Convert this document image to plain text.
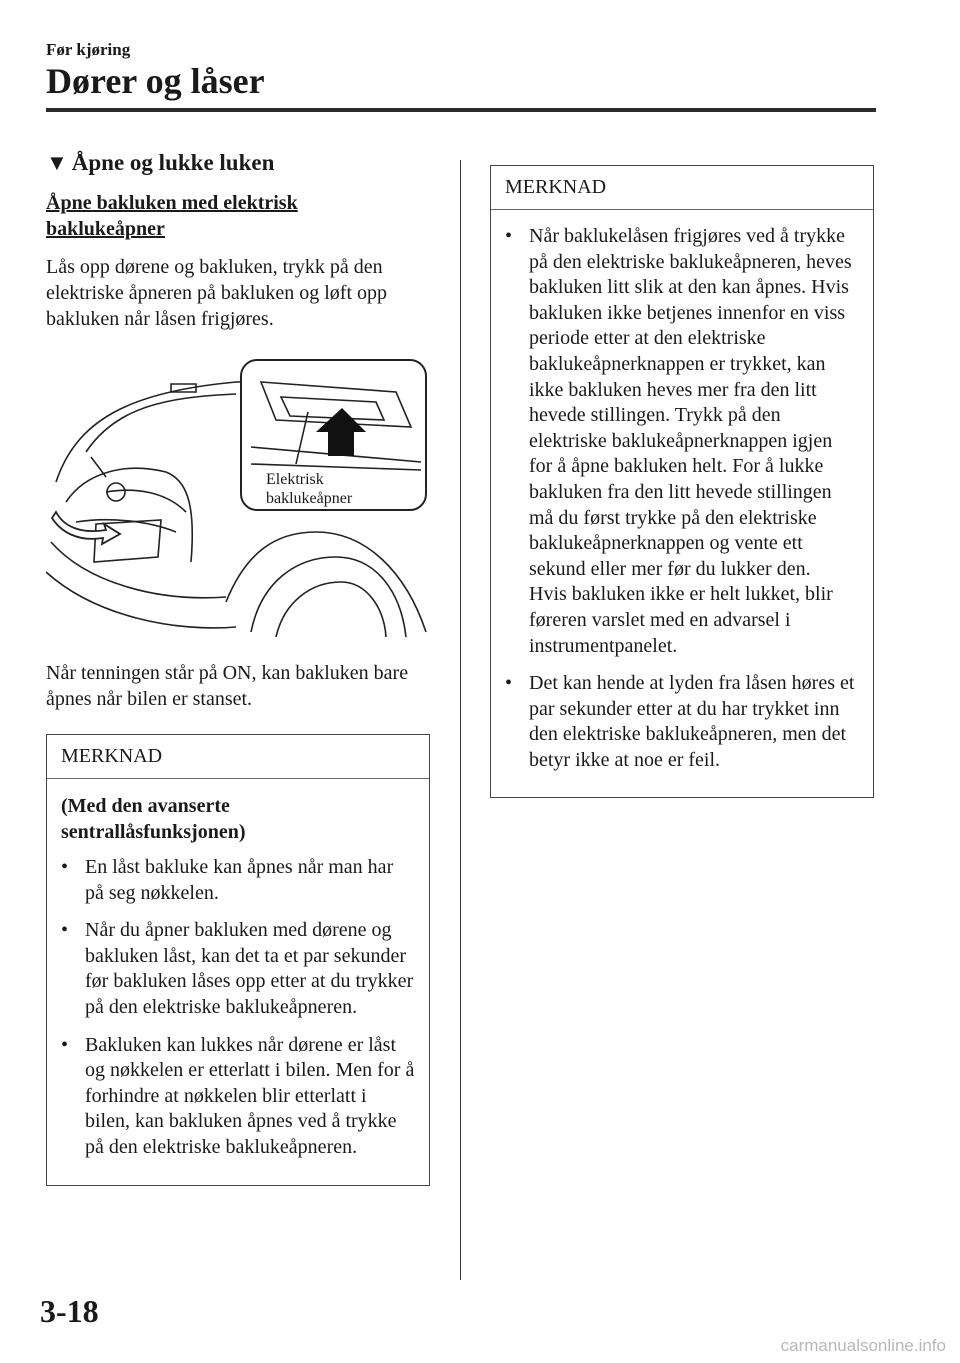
Før kjøring
Dører og låser
▼ Åpne og lukke luken

Åpne bakluken med elektrisk baklukeåpner

Lås opp dørene og bakluken, trykk på den elektriske åpneren på bakluken og løft opp bakluken når låsen frigjøres.

Elektrisk
baklukeåpner

Når tenningen står på ON, kan bakluken bare åpnes når bilen er stanset.

MERKNAD

(Med den avanserte sentrallåsfunksjonen)

• En låst bakluke kan åpnes når man har på seg nøkkelen.
• Når du åpner bakluken med dørene og bakluken låst, kan det ta et par sekunder før bakluken låses opp etter at du trykker på den elektriske baklukeåpneren.
• Bakluken kan lukkes når dørene er låst og nøkkelen er etterlatt i bilen. Men for å forhindre at nøkkelen blir etterlatt i bilen, kan bakluken åpnes ved å trykke på den elektriske baklukeåpneren.
MERKNAD
• Når baklukelåsen frigjøres ved å trykke på den elektriske baklukeåpneren, heves bakluken litt slik at den kan åpnes. Hvis bakluken ikke betjenes innenfor en viss periode etter at den elektriske baklukeåpnerknappen er trykket, kan ikke bakluken heves mer fra den litt hevede stillingen. Trykk på den elektriske baklukeåpnerknappen igjen for å åpne bakluken helt. For å lukke bakluken fra den litt hevede stillingen må du først trykke på den elektriske baklukeåpnerknappen og vente ett sekund eller mer før du lukker den.
Hvis bakluken ikke er helt lukket, blir føreren varslet med en advarsel i instrumentpanelet.
• Det kan hende at lyden fra låsen høres et par sekunder etter at du har trykket inn den elektriske baklukeåpneren, men det betyr ikke at noe er feil.
3-18
carmanualsonline.info
